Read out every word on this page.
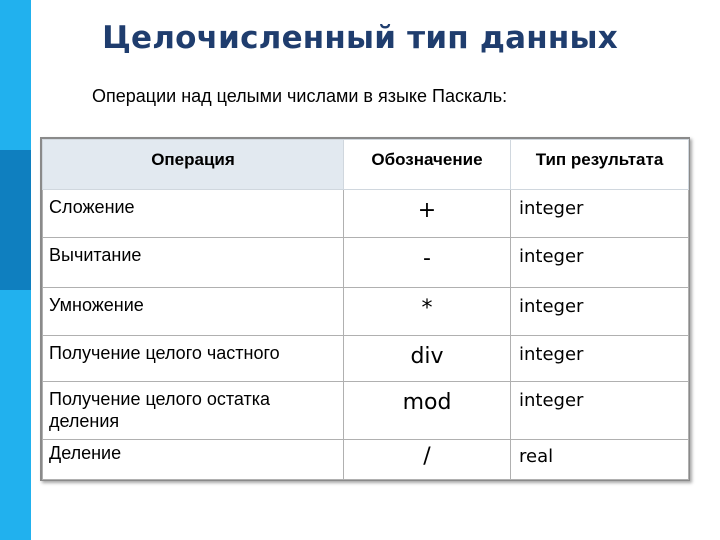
Целочисленный тип данных
Операции над целыми числами в языке Паскаль:
Операция	Обозначение	Тип результата
Сложение	+	integer
Вычитание	-	integer
Умножение	*	integer
Получение целого частного	div	integer
Получение целого остатка деления	mod	integer
Деление	/	real
